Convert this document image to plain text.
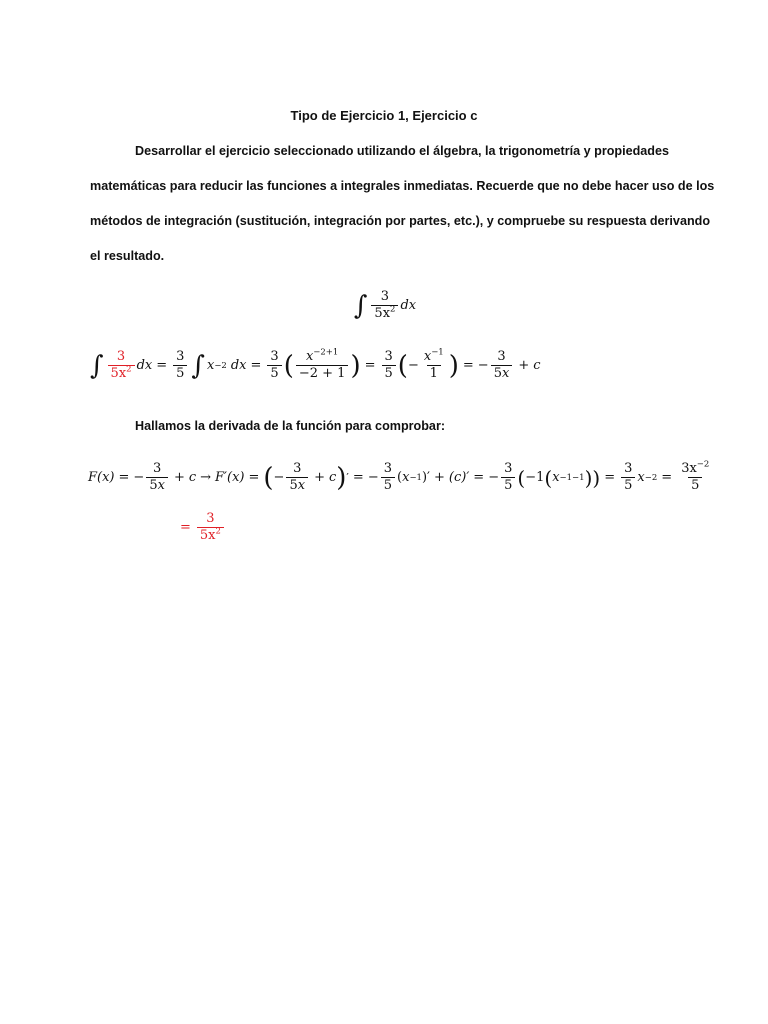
Tipo de Ejercicio 1, Ejercicio c
Desarrollar el ejercicio seleccionado utilizando el álgebra, la trigonometría y propiedades
matemáticas para reducir las funciones a integrales inmediatas. Recuerde que no debe hacer uso de los
métodos de integración (sustitución, integración por partes, etc.), y compruebe su respuesta derivando
el resultado.
∫ $\frac{3}{5x^2}$ dx
∫ $\frac{3}{5x^2}$ dx = $\frac{3}{5}$ ∫ x −2 dx = $\frac{3}{5}$ ( $\frac{x^{-2+1}}{-2 + 1}$ ) = $\frac{3}{5}$ ( − $\frac{x^{-1}}{1}$ ) = − $\frac{3}{5x} + c$
Hallamos la derivada de la función para comprobar:
F(x) = − $\frac{3}{5x} + c \to F'(x)$ = ( − $\frac{3}{5x} + c$ ) ′ = − $\frac{3}{5}$ ( x −1 ) ′ + (c)′ = − $\frac{3}{5}$ ( −1 ( x −1−1 ) ) = $\frac{3}{5}$ $x -2 = \frac{3x^{-2}}{5}$
= $\frac{3}{5x^2}$
